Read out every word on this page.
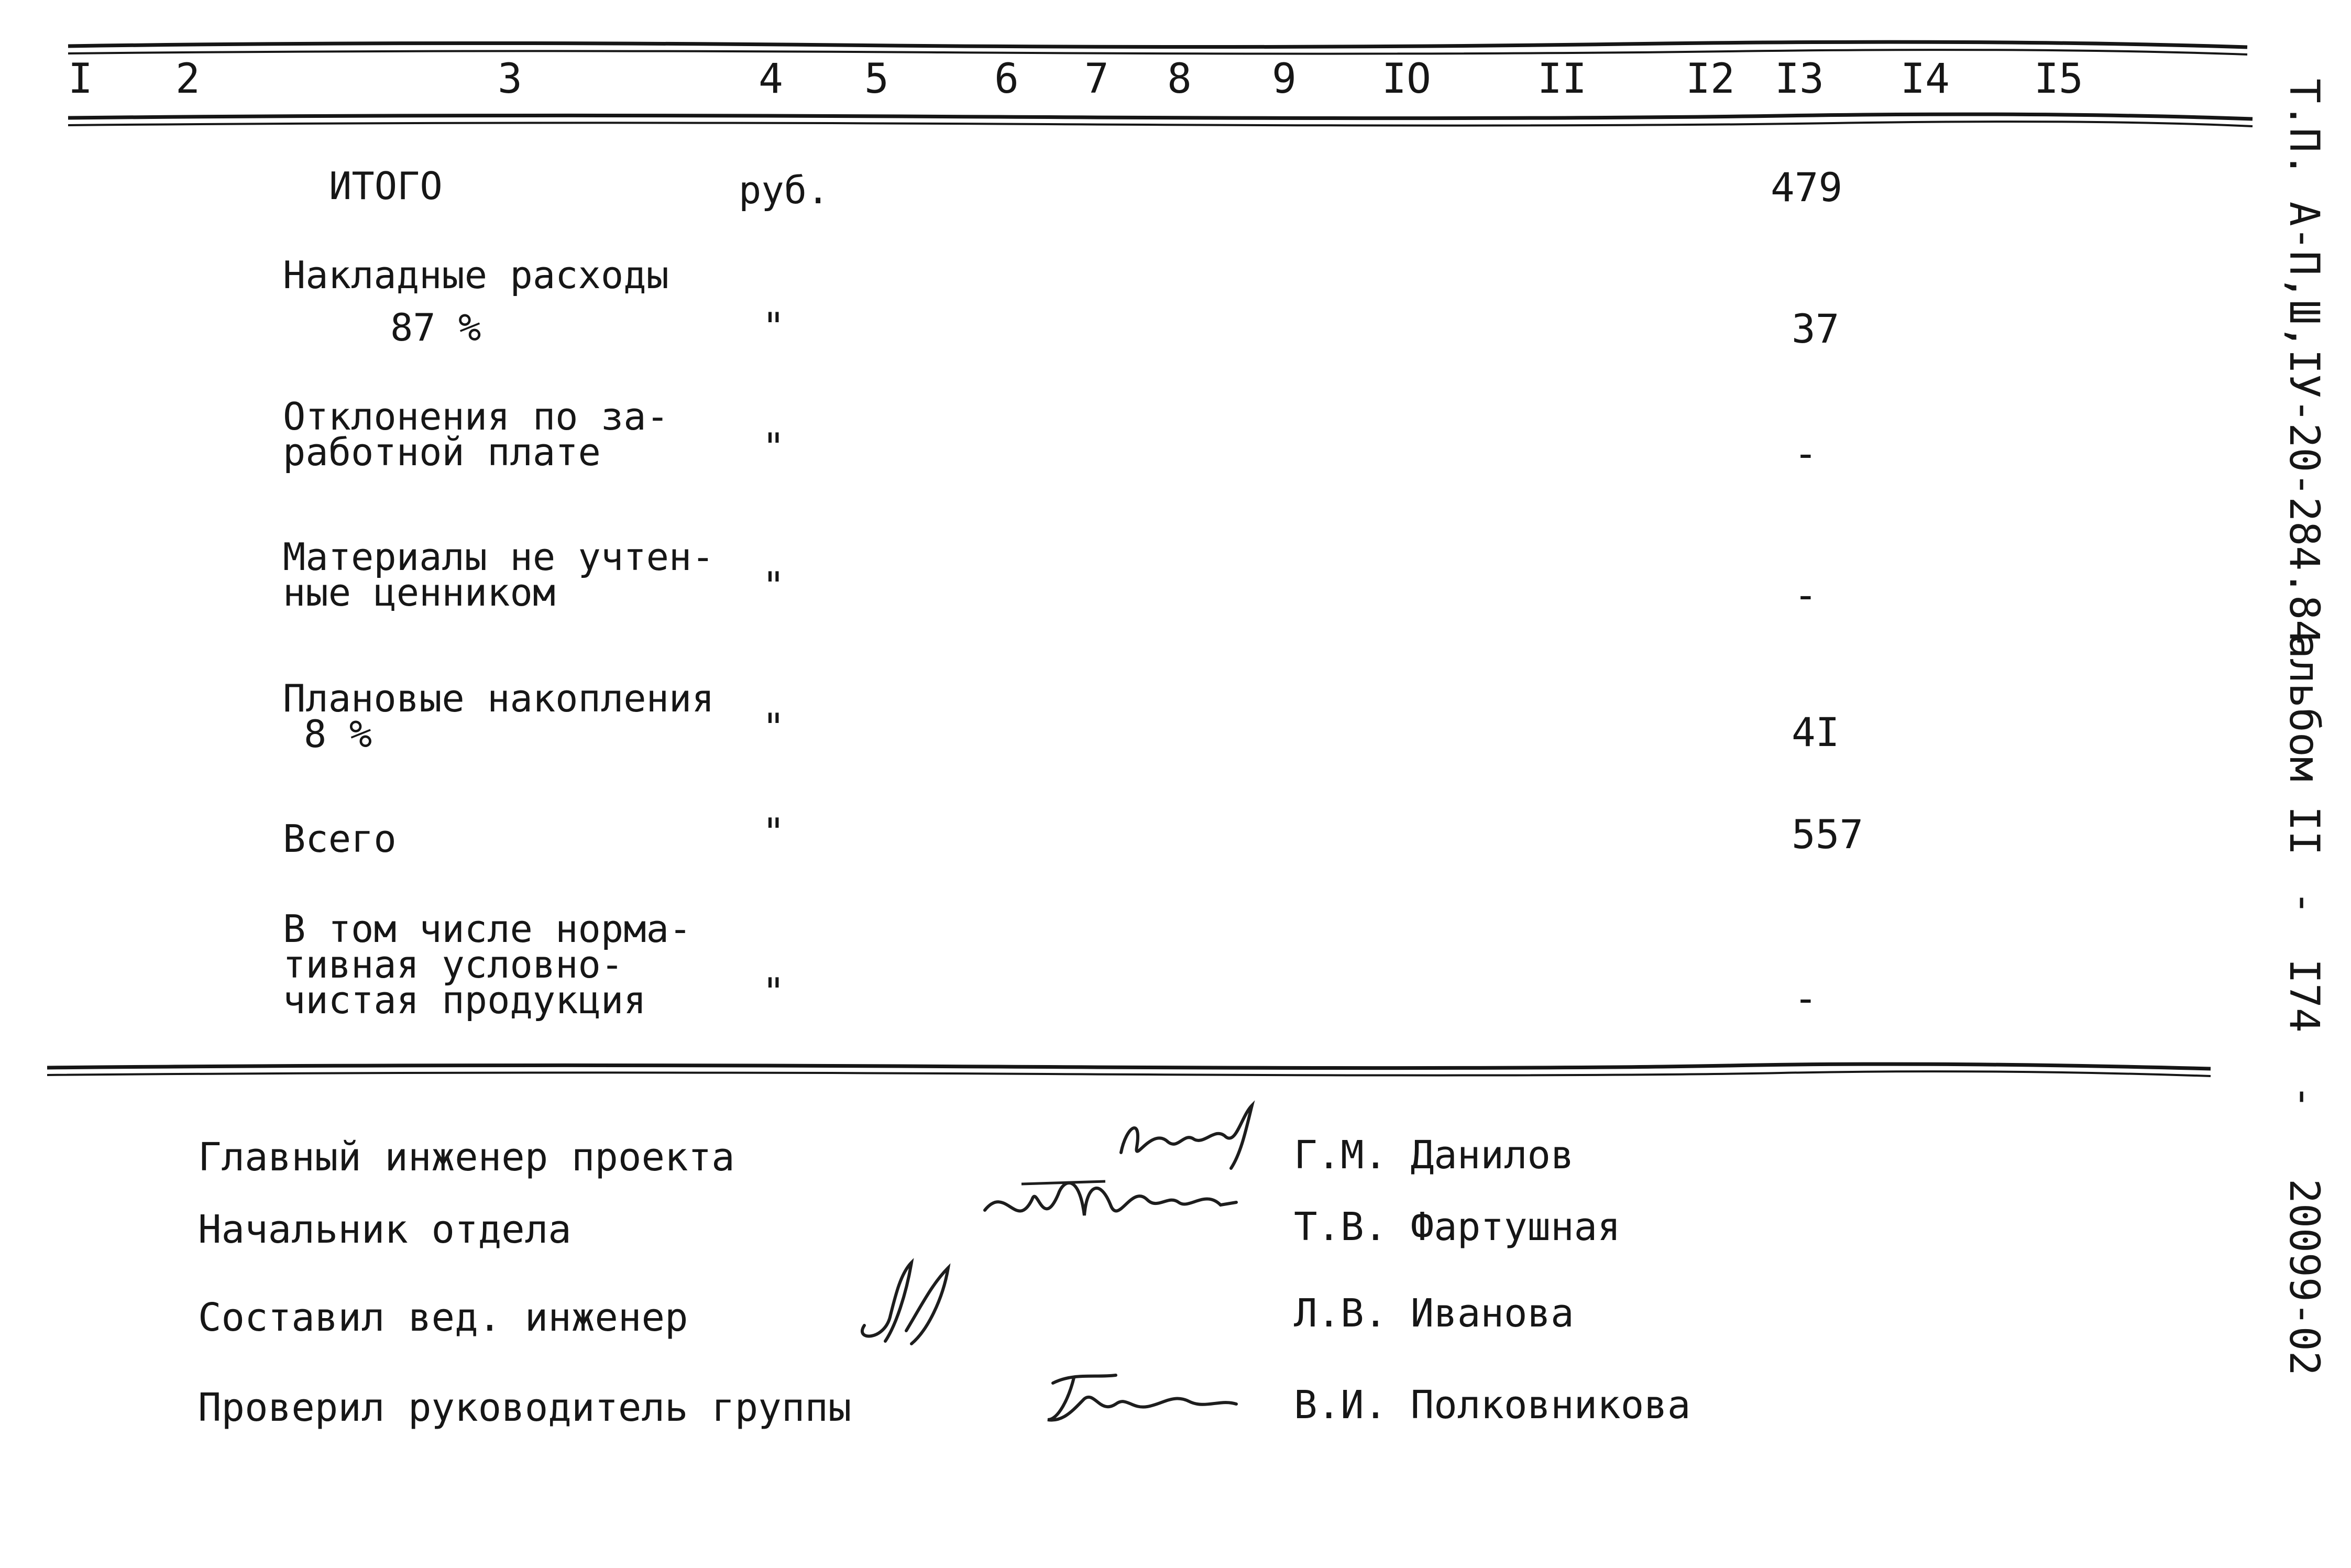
I 2	3	4 5	6 7 8 9 IO	II I2 I3 I4 I5
ИТОГО	руб.	479
Накладные расходы
87 %	"	37
Отклонения по за-
работной плате	"	-
Материалы не учтен-
ные ценником	"	-
Плановые накопления
8 %	"	4I
Всего	"	557
В том числе норма-
тивная условно-
чистая продукция	"	-
Главный инженер проекта	Г.М. Данилов
Начальник отдела	Т.В. Фартушная
Составил вед. инженер	Л.В. Иванова
Проверил руководитель группы	В.И. Полковникова
Т.П. А-П,Ш,IУ-20-284.84
альбом II
-
I74
-
20099-02
